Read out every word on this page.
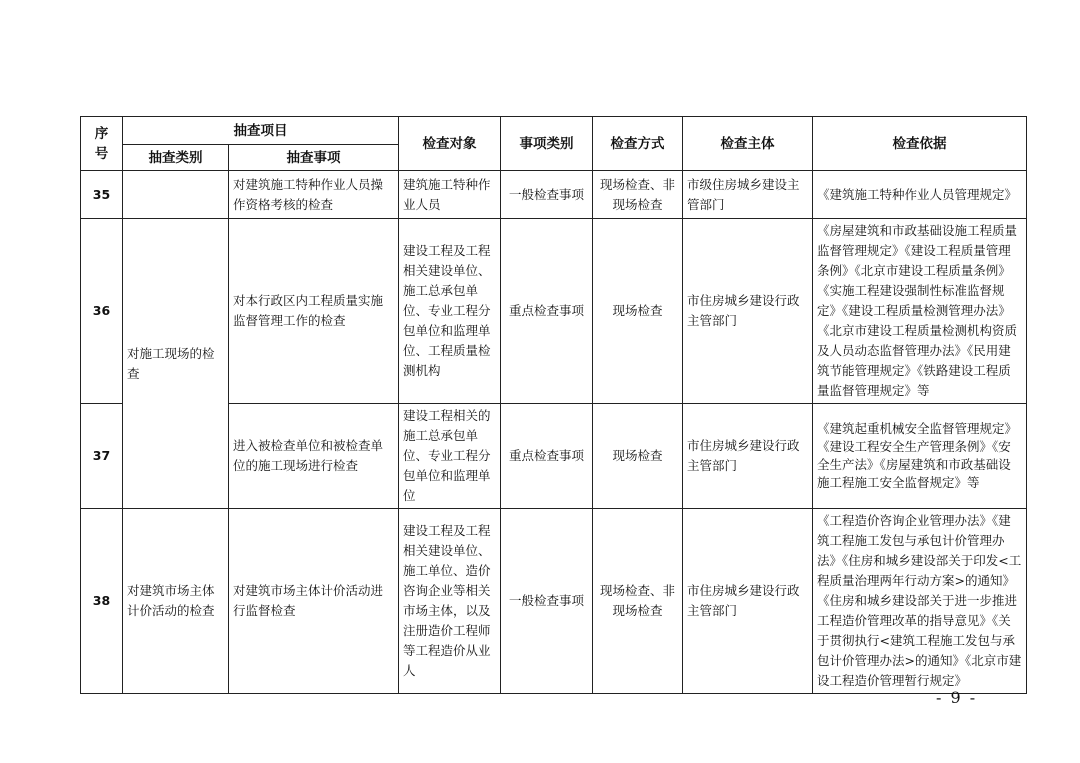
序号	抽查项目		检查对象	事项类别	检查方式	检查主体	检查依据
	抽查类别	抽查事项					
35		对建筑施工特种作业人员操作资格考核的检查	建筑施工特种作业人员	一般检查事项	现场检查、非现场检查	市级住房城乡建设主管部门	《建筑施工特种作业人员管理规定》
36	对施工现场的检查	对本行政区内工程质量实施监督管理工作的检查	建设工程及工程相关建设单位、施工总承包单位、专业工程分包单位和监理单位、工程质量检测机构	重点检查事项	现场检查	市住房城乡建设行政主管部门	《房屋建筑和市政基础设施工程质量监督管理规定》《建设工程质量管理条例》《北京市建设工程质量条例》《实施工程建设强制性标准监督规定》《建设工程质量检测管理办法》《北京市建设工程质量检测机构资质及人员动态监督管理办法》《民用建筑节能管理规定》《铁路建设工程质量监督管理规定》等
37		进入被检查单位和被检查单位的施工现场进行检查	建设工程相关的施工总承包单位、专业工程分包单位和监理单位	重点检查事项	现场检查	市住房城乡建设行政主管部门	《建筑起重机械安全监督管理规定》《建设工程安全生产管理条例》《安全生产法》《房屋建筑和市政基础设施工程施工安全监督规定》等
38	对建筑市场主体计价活动的检查	对建筑市场主体计价活动进行监督检查	建设工程及工程相关建设单位、施工单位、造价咨询企业等相关市场主体，以及注册造价工程师等工程造价从业人	一般检查事项	现场检查、非现场检查	市住房城乡建设行政主管部门	《工程造价咨询企业管理办法》《建筑工程施工发包与承包计价管理办法》《住房和城乡建设部关于印发<工程质量治理两年行动方案>的通知》《住房和城乡建设部关于进一步推进工程造价管理改革的指导意见》《关于贯彻执行<建筑工程施工发包与承包计价管理办法>的通知》《北京市建设工程造价管理暂行规定》
- 9 -
